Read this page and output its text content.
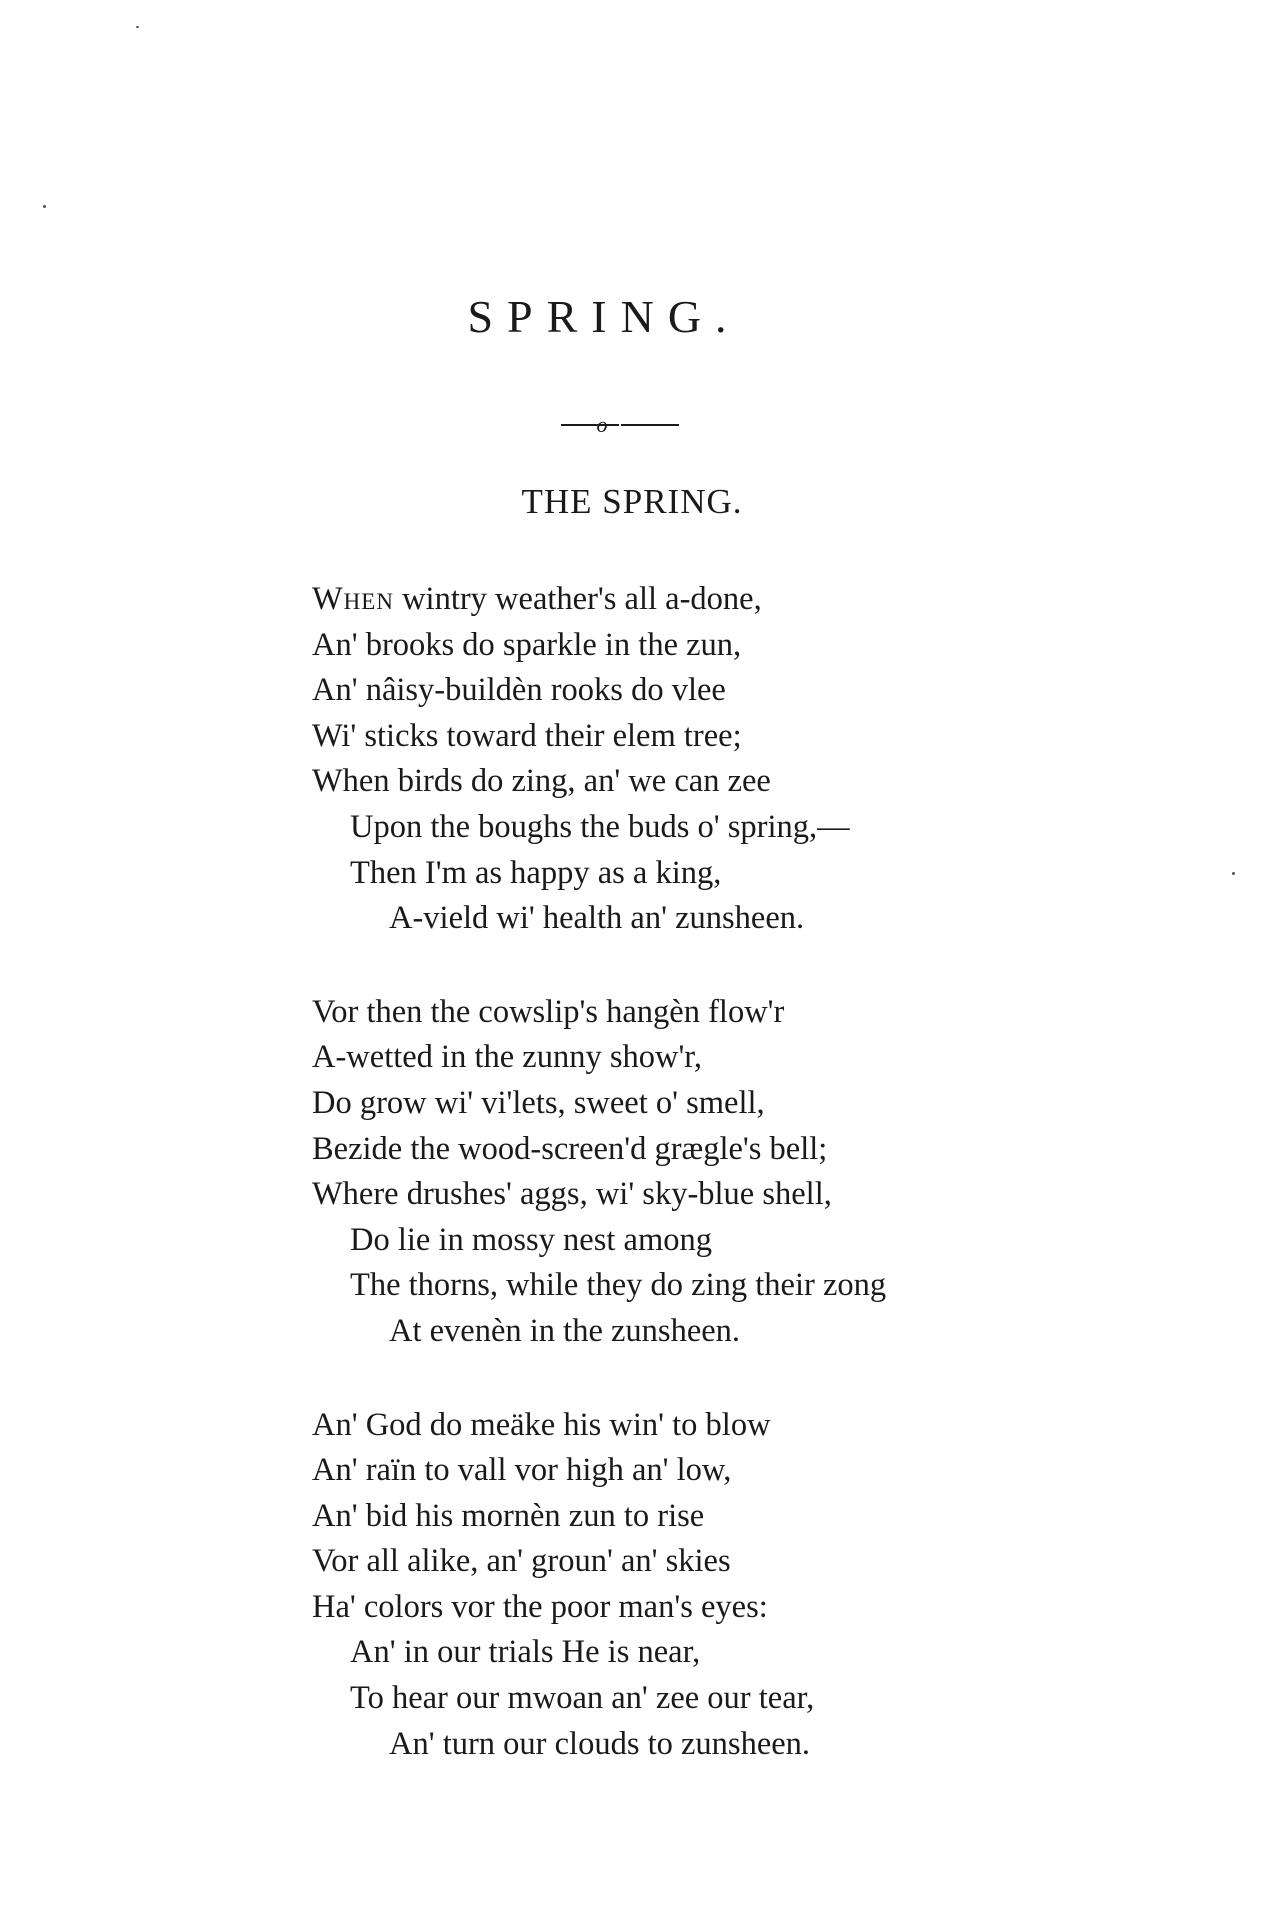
SPRING.
o
THE SPRING.
When wintry weather's all a-done,
An' brooks do sparkle in the zun,
An' nâisy-buildèn rooks do vlee
Wi' sticks toward their elem tree;
When birds do zing, an' we can zee
Upon the boughs the buds o' spring,—
Then I'm as happy as a king,
A-vield wi' health an' zunsheen.
Vor then the cowslip's hangèn flow'r
A-wetted in the zunny show'r,
Do grow wi' vi'lets, sweet o' smell,
Bezide the wood-screen'd grægle's bell;
Where drushes' aggs, wi' sky-blue shell,
Do lie in mossy nest among
The thorns, while they do zing their zong
At evenèn in the zunsheen.
An' God do meäke his win' to blow
An' raïn to vall vor high an' low,
An' bid his mornèn zun to rise
Vor all alike, an' groun' an' skies
Ha' colors vor the poor man's eyes:
An' in our trials He is near,
To hear our mwoan an' zee our tear,
An' turn our clouds to zunsheen.
